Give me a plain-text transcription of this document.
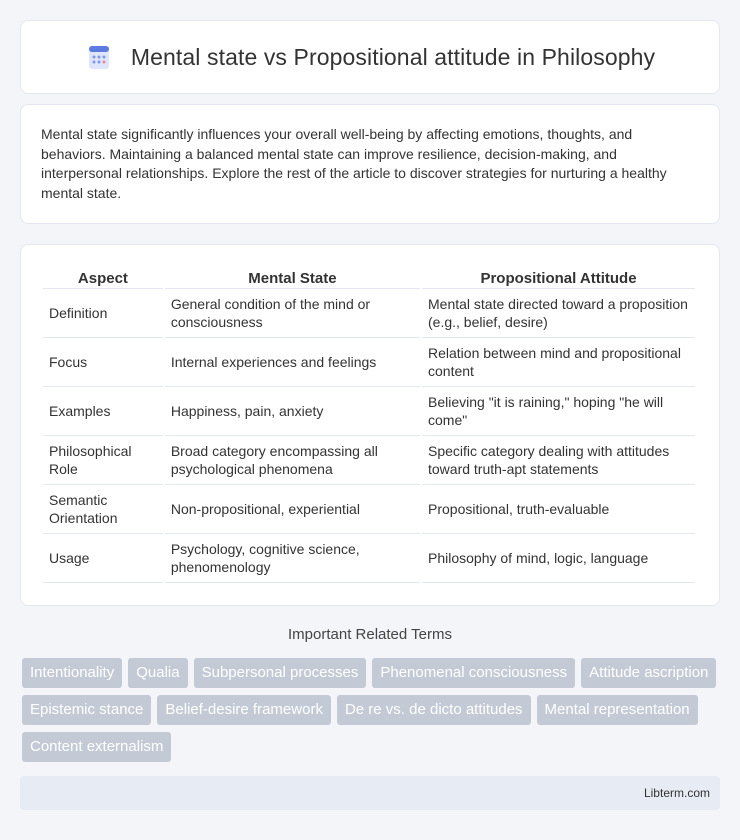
Mental state vs Propositional attitude in Philosophy

Mental state significantly influences your overall well-being by affecting emotions, thoughts, and behaviors. Maintaining a balanced mental state can improve resilience, decision-making, and interpersonal relationships. Explore the rest of the article to discover strategies for nurturing a healthy mental state.

Aspect	Mental State	Propositional Attitude
Definition	General condition of the mind or consciousness	Mental state directed toward a proposition (e.g., belief, desire)
Focus	Internal experiences and feelings	Relation between mind and propositional content
Examples	Happiness, pain, anxiety	Believing "it is raining," hoping "he will come"
Philosophical Role	Broad category encompassing all psychological phenomena	Specific category dealing with attitudes toward truth-apt statements
Semantic Orientation	Non-propositional, experiential	Propositional, truth-evaluable
Usage	Psychology, cognitive science, phenomenology	Philosophy of mind, logic, language
Important Related Terms
Intentionality	Qualia	Subpersonal processes	Phenomenal consciousness	Attitude ascription
Epistemic stance	Belief-desire framework	De re vs. de dicto attitudes	Mental representation
Content externalism
Libterm.com
